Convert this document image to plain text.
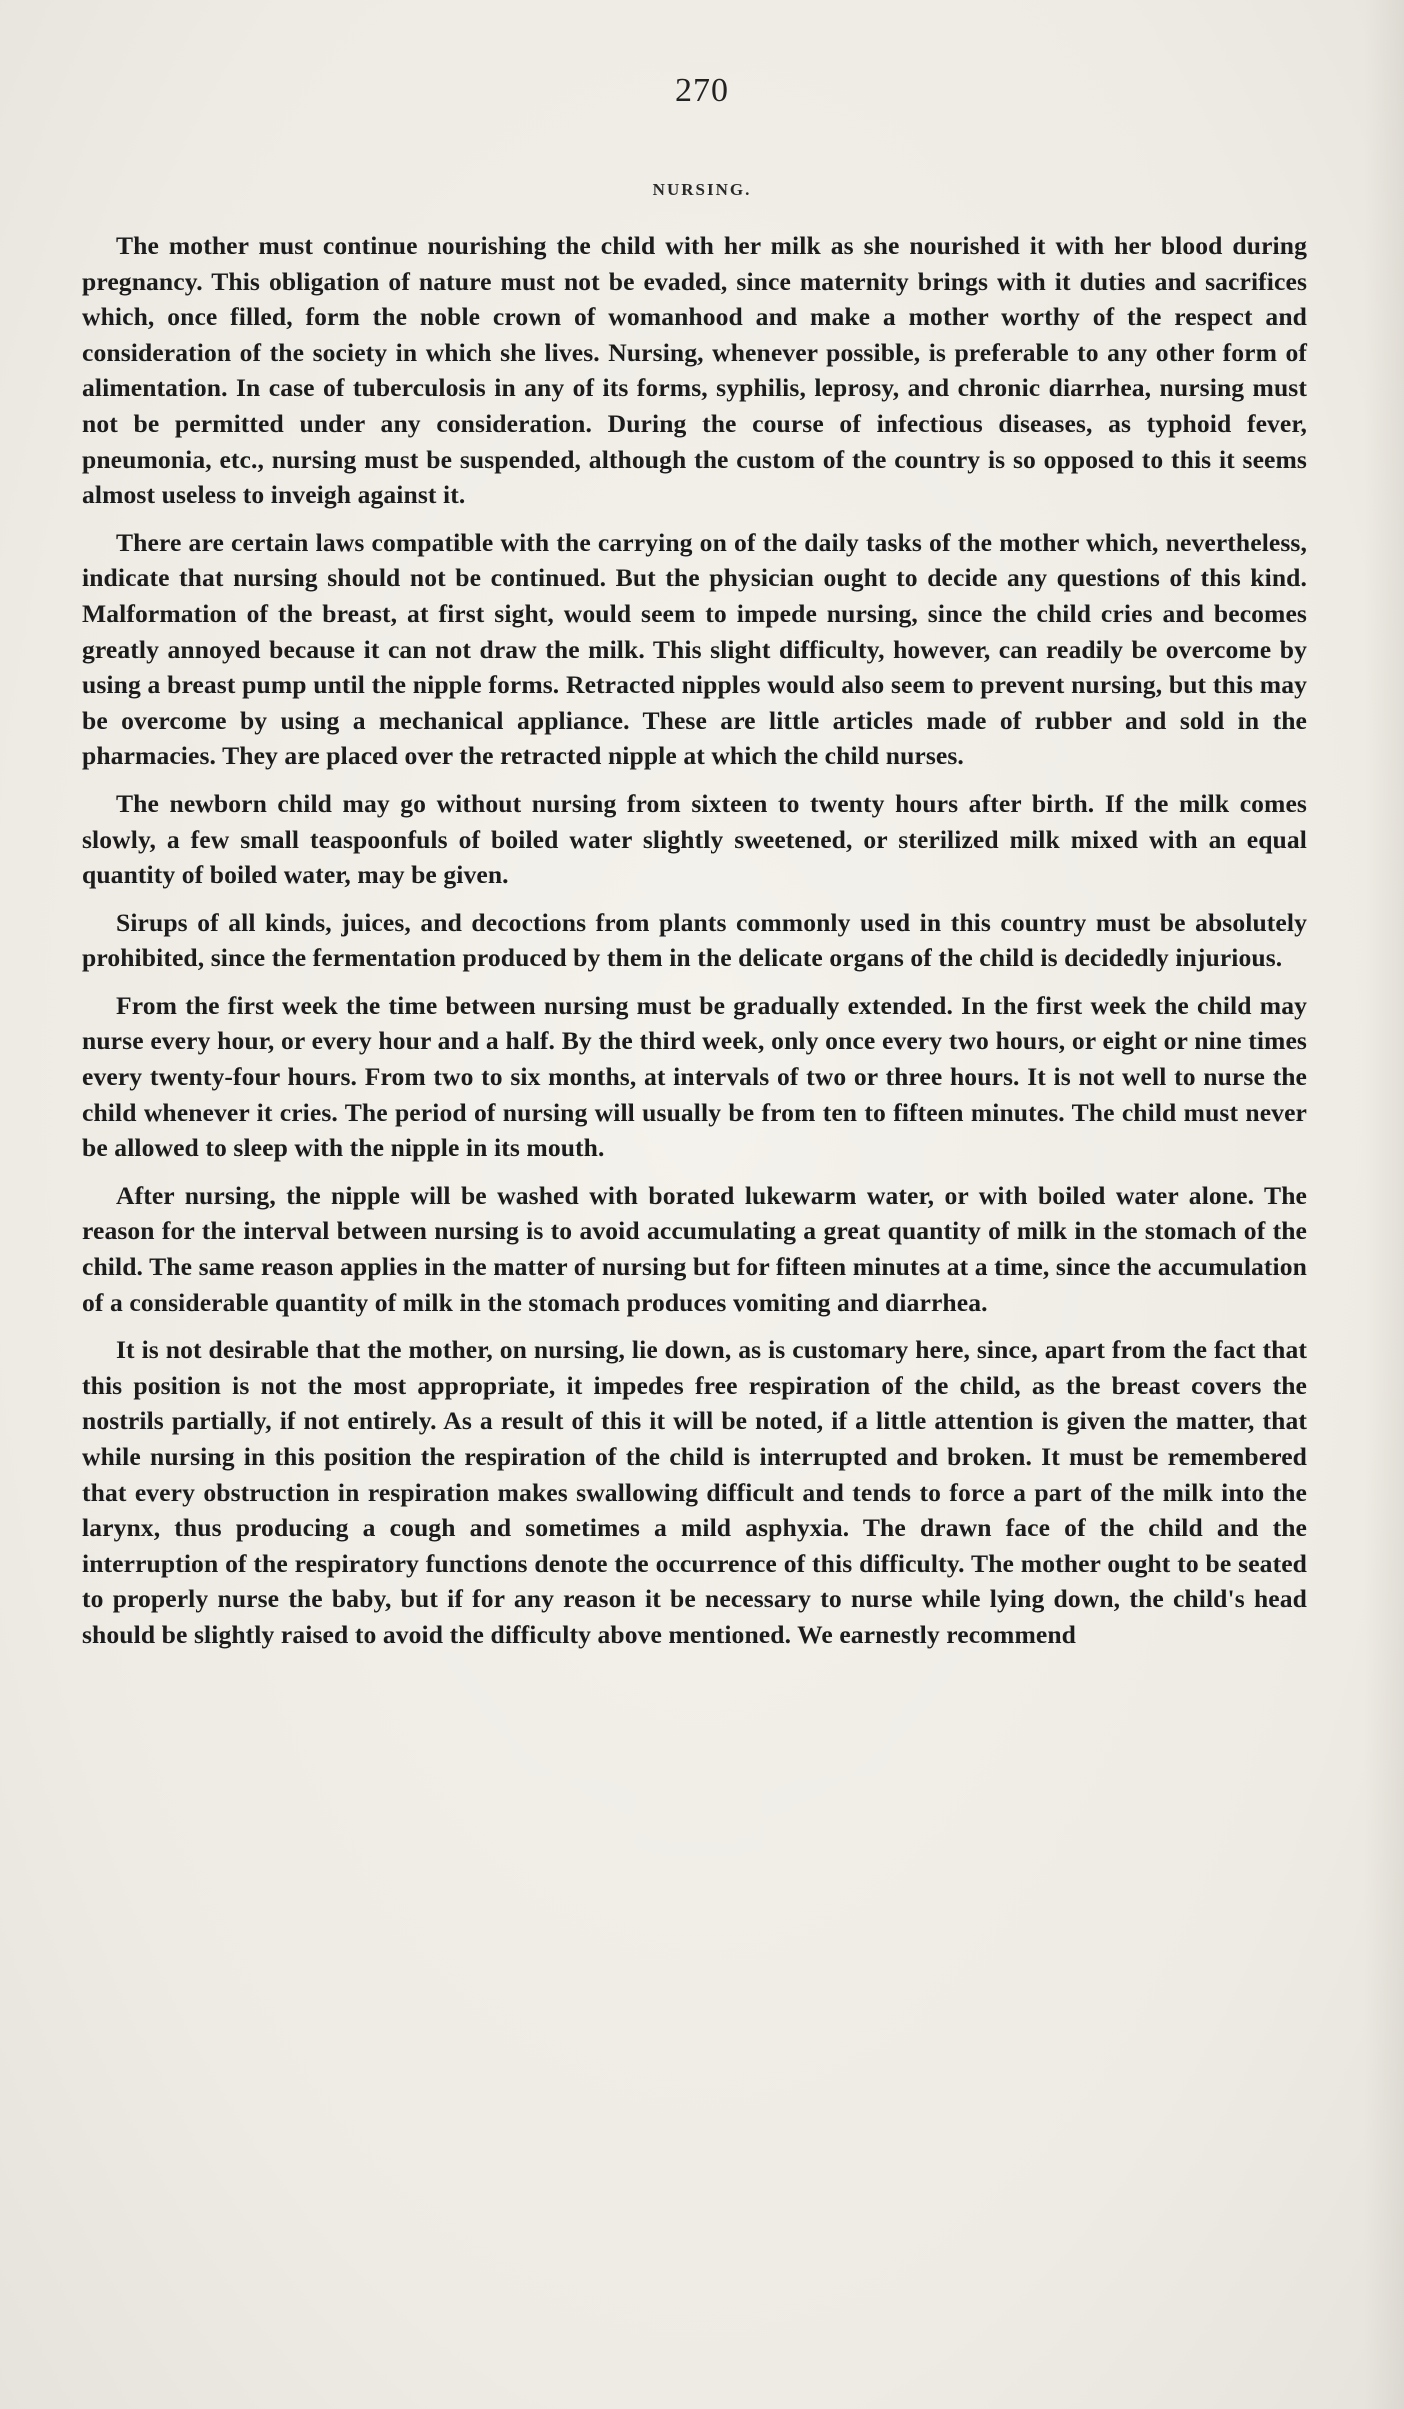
270
NURSING.

The mother must continue nourishing the child with her milk as she nourished it with her blood during pregnancy. This obligation of nature must not be evaded, since maternity brings with it duties and sacrifices which, once filled, form the noble crown of womanhood and make a mother worthy of the respect and consideration of the society in which she lives. Nursing, whenever possible, is preferable to any other form of alimentation. In case of tuberculosis in any of its forms, syphilis, leprosy, and chronic diarrhea, nursing must not be permitted under any consideration. During the course of infectious diseases, as typhoid fever, pneumonia, etc., nursing must be suspended, although the custom of the country is so opposed to this it seems almost useless to inveigh against it.

There are certain laws compatible with the carrying on of the daily tasks of the mother which, nevertheless, indicate that nursing should not be continued. But the physician ought to decide any questions of this kind. Malformation of the breast, at first sight, would seem to impede nursing, since the child cries and becomes greatly annoyed because it can not draw the milk. This slight difficulty, however, can readily be overcome by using a breast pump until the nipple forms. Retracted nipples would also seem to prevent nursing, but this may be overcome by using a mechanical appliance. These are little articles made of rubber and sold in the pharmacies. They are placed over the retracted nipple at which the child nurses.

The newborn child may go without nursing from sixteen to twenty hours after birth. If the milk comes slowly, a few small teaspoonfuls of boiled water slightly sweetened, or sterilized milk mixed with an equal quantity of boiled water, may be given.

Sirups of all kinds, juices, and decoctions from plants commonly used in this country must be absolutely prohibited, since the fermentation produced by them in the delicate organs of the child is decidedly injurious.

From the first week the time between nursing must be gradually extended. In the first week the child may nurse every hour, or every hour and a half. By the third week, only once every two hours, or eight or nine times every twenty-four hours. From two to six months, at intervals of two or three hours. It is not well to nurse the child whenever it cries. The period of nursing will usually be from ten to fifteen minutes. The child must never be allowed to sleep with the nipple in its mouth.

After nursing, the nipple will be washed with borated lukewarm water, or with boiled water alone. The reason for the interval between nursing is to avoid accumulating a great quantity of milk in the stomach of the child. The same reason applies in the matter of nursing but for fifteen minutes at a time, since the accumulation of a considerable quantity of milk in the stomach produces vomiting and diarrhea.

It is not desirable that the mother, on nursing, lie down, as is customary here, since, apart from the fact that this position is not the most appropriate, it impedes free respiration of the child, as the breast covers the nostrils partially, if not entirely. As a result of this it will be noted, if a little attention is given the matter, that while nursing in this position the respiration of the child is interrupted and broken. It must be remembered that every obstruction in respiration makes swallowing difficult and tends to force a part of the milk into the larynx, thus producing a cough and sometimes a mild asphyxia. The drawn face of the child and the interruption of the respiratory functions denote the occurrence of this difficulty. The mother ought to be seated to properly nurse the baby, but if for any reason it be necessary to nurse while lying down, the child's head should be slightly raised to avoid the difficulty above mentioned. We earnestly recommend
